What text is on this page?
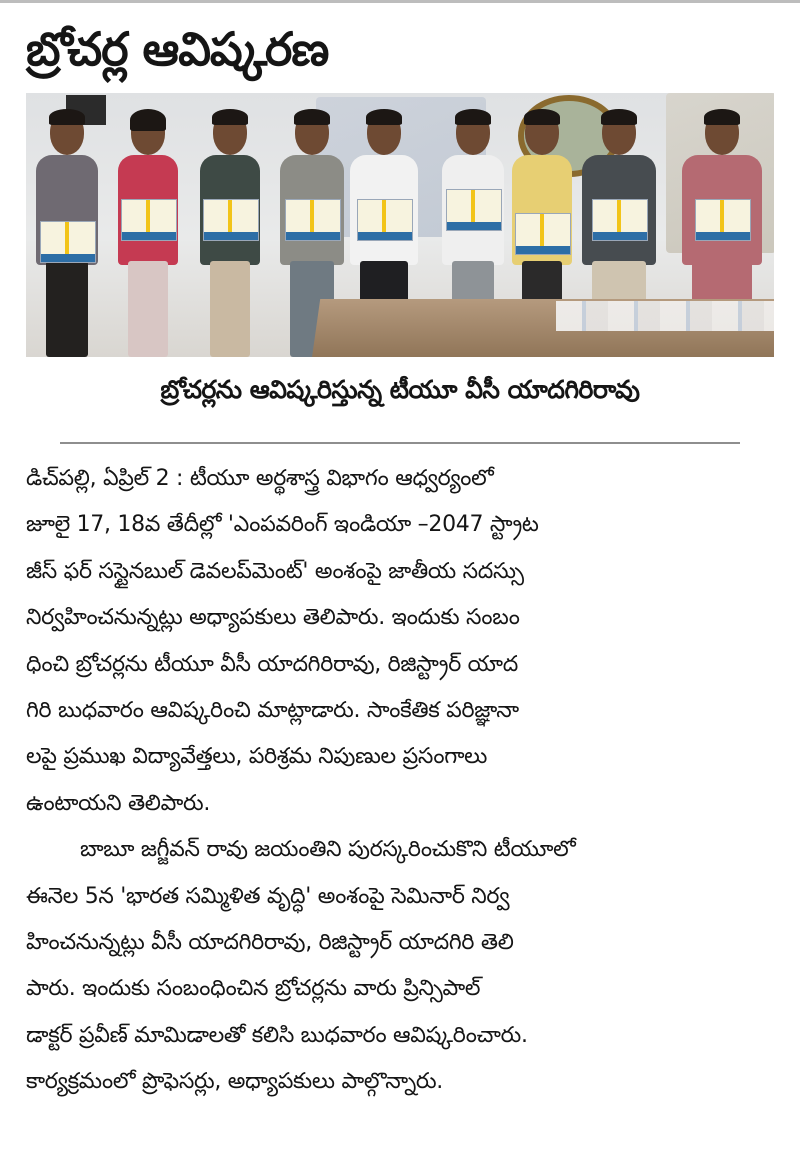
బ్రోచర్ల ఆవిష్కరణ
బ్రోచర్లను ఆవిష్కరిస్తున్న టీయూ వీసీ యాదగిరిరావు
డిచ్‌పల్లి, ఏప్రిల్ 2 : టీయూ అర్థశాస్త్ర విభాగం ఆధ్వర్యంలో
జూలై 17, 18వ తేదీల్లో 'ఎంపవరింగ్ ఇండియా –2047 స్ట్రాట
జీస్ ఫర్ సస్టైనబుల్ డెవలప్‌మెంట్' అంశంపై జాతీయ సదస్సు
నిర్వహించనున్నట్లు అధ్యాపకులు తెలిపారు. ఇందుకు సంబం
ధించి బ్రోచర్లను టీయూ వీసీ యాదగిరిరావు, రిజిస్ట్రార్ యాద
గిరి బుధవారం ఆవిష్కరించి మాట్లాడారు. సాంకేతిక పరిజ్ఞానా
లపై ప్రముఖ విద్యావేత్తలు, పరిశ్రమ నిపుణుల ప్రసంగాలు
ఉంటాయని తెలిపారు.
బాబూ జగ్జీవన్ రావు జయంతిని పురస్కరించుకొని టీయూలో
ఈనెల 5న 'భారత సమ్మిళిత వృద్ధి' అంశంపై సెమినార్ నిర్వ
హించనున్నట్లు వీసీ యాదగిరిరావు, రిజిస్ట్రార్ యాదగిరి తెలి
పారు. ఇందుకు సంబంధించిన బ్రోచర్లను వారు ప్రిన్సిపాల్
డాక్టర్ ప్రవీణ్ మామిడాలతో కలిసి బుధవారం ఆవిష్కరించారు.
కార్యక్రమంలో ప్రొఫెసర్లు, అధ్యాపకులు పాల్గొన్నారు.
